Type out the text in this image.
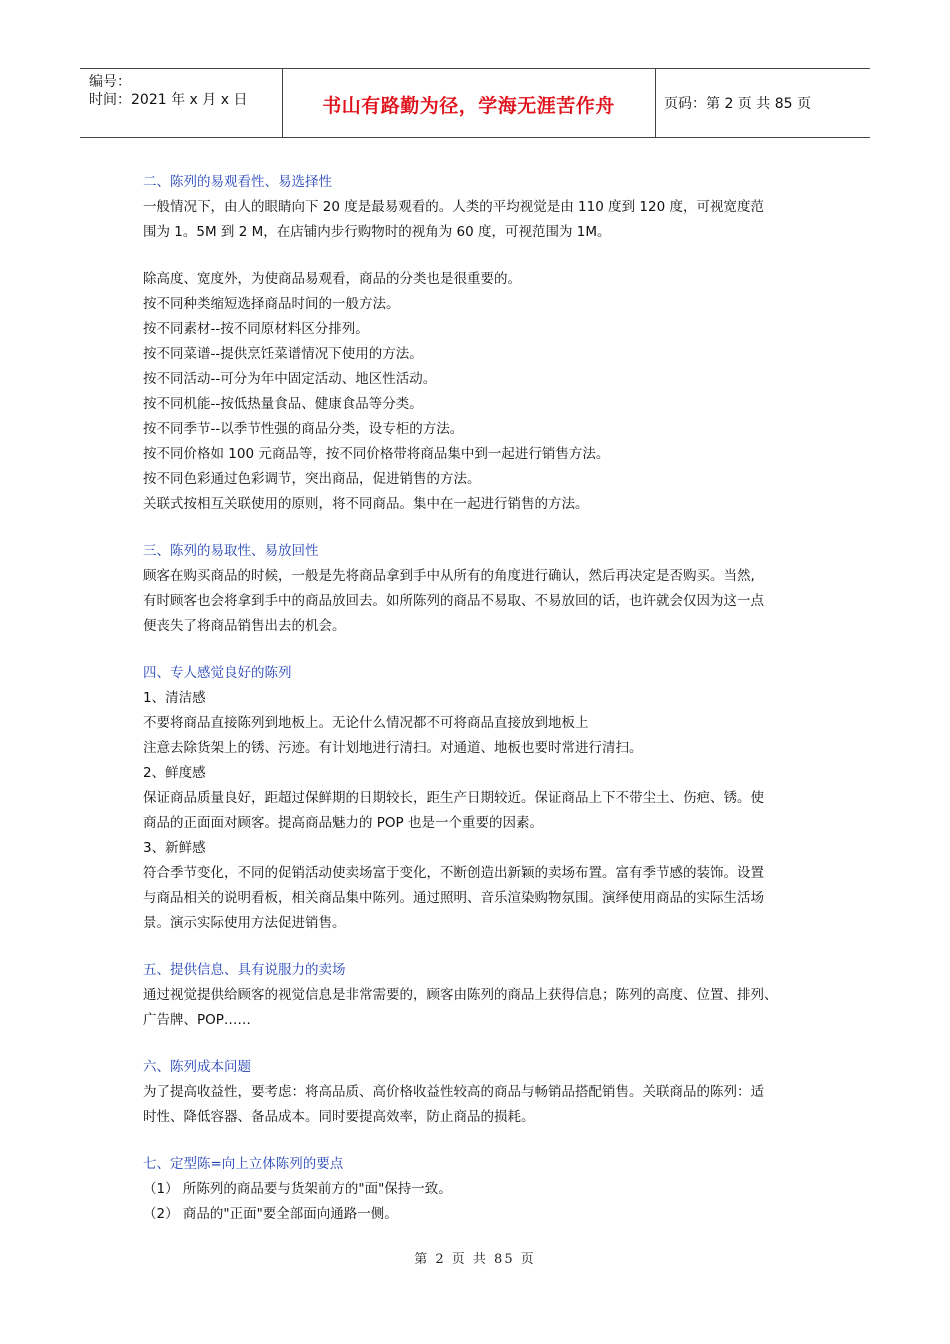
编号：
时间：2021 年 x 月 x 日	书山有路勤为径，学海无涯苦作舟	页码：第 2 页 共 85 页
二、陈列的易观看性、易选择性
一般情况下，由人的眼睛向下 20 度是最易观看的。人类的平均视觉是由 110 度到 120 度，可视宽度范
围为 1。5M 到 2 M，在店铺内步行购物时的视角为 60 度，可视范围为 1M。
除高度、宽度外，为使商品易观看，商品的分类也是很重要的。
按不同种类缩短选择商品时间的一般方法。
按不同素材--按不同原材料区分排列。
按不同菜谱--提供烹饪菜谱情况下使用的方法。
按不同活动--可分为年中固定活动、地区性活动。
按不同机能--按低热量食品、健康食品等分类。
按不同季节--以季节性强的商品分类，设专柜的方法。
按不同价格如 100 元商品等，按不同价格带将商品集中到一起进行销售方法。
按不同色彩通过色彩调节，突出商品，促进销售的方法。
关联式按相互关联使用的原则，将不同商品。集中在一起进行销售的方法。
三、陈列的易取性、易放回性
顾客在购买商品的时候，一般是先将商品拿到手中从所有的角度进行确认，然后再决定是否购买。当然,
有时顾客也会将拿到手中的商品放回去。如所陈列的商品不易取、不易放回的话，也许就会仅因为这一点
便丧失了将商品销售出去的机会。
四、专人感觉良好的陈列
1、清洁感
不要将商品直接陈列到地板上。无论什么情况都不可将商品直接放到地板上
注意去除货架上的锈、污迹。有计划地进行清扫。对通道、地板也要时常进行清扫。
2、鲜度感
保证商品质量良好，距超过保鲜期的日期较长，距生产日期较近。保证商品上下不带尘土、伤疤、锈。使
商品的正面面对顾客。提高商品魅力的 POP 也是一个重要的因素。
3、新鲜感
符合季节变化，不同的促销活动使卖场富于变化，不断创造出新颖的卖场布置。富有季节感的装饰。设置
与商品相关的说明看板，相关商品集中陈列。通过照明、音乐渲染购物氛围。演绎使用商品的实际生活场
景。演示实际使用方法促进销售。
五、提供信息、具有说服力的卖场
通过视觉提供给顾客的视觉信息是非常需要的，顾客由陈列的商品上获得信息；陈列的高度、位置、排列、
广告牌、POP……
六、陈列成本问题
为了提高收益性，要考虑：将高品质、高价格收益性较高的商品与畅销品搭配销售。关联商品的陈列：适
时性、降低容器、备品成本。同时要提高效率，防止商品的损耗。
七、定型陈=向上立体陈列的要点
（1） 所陈列的商品要与货架前方的"面"保持一致。
（2） 商品的"正面"要全部面向通路一侧。
第 2 页 共 85 页
